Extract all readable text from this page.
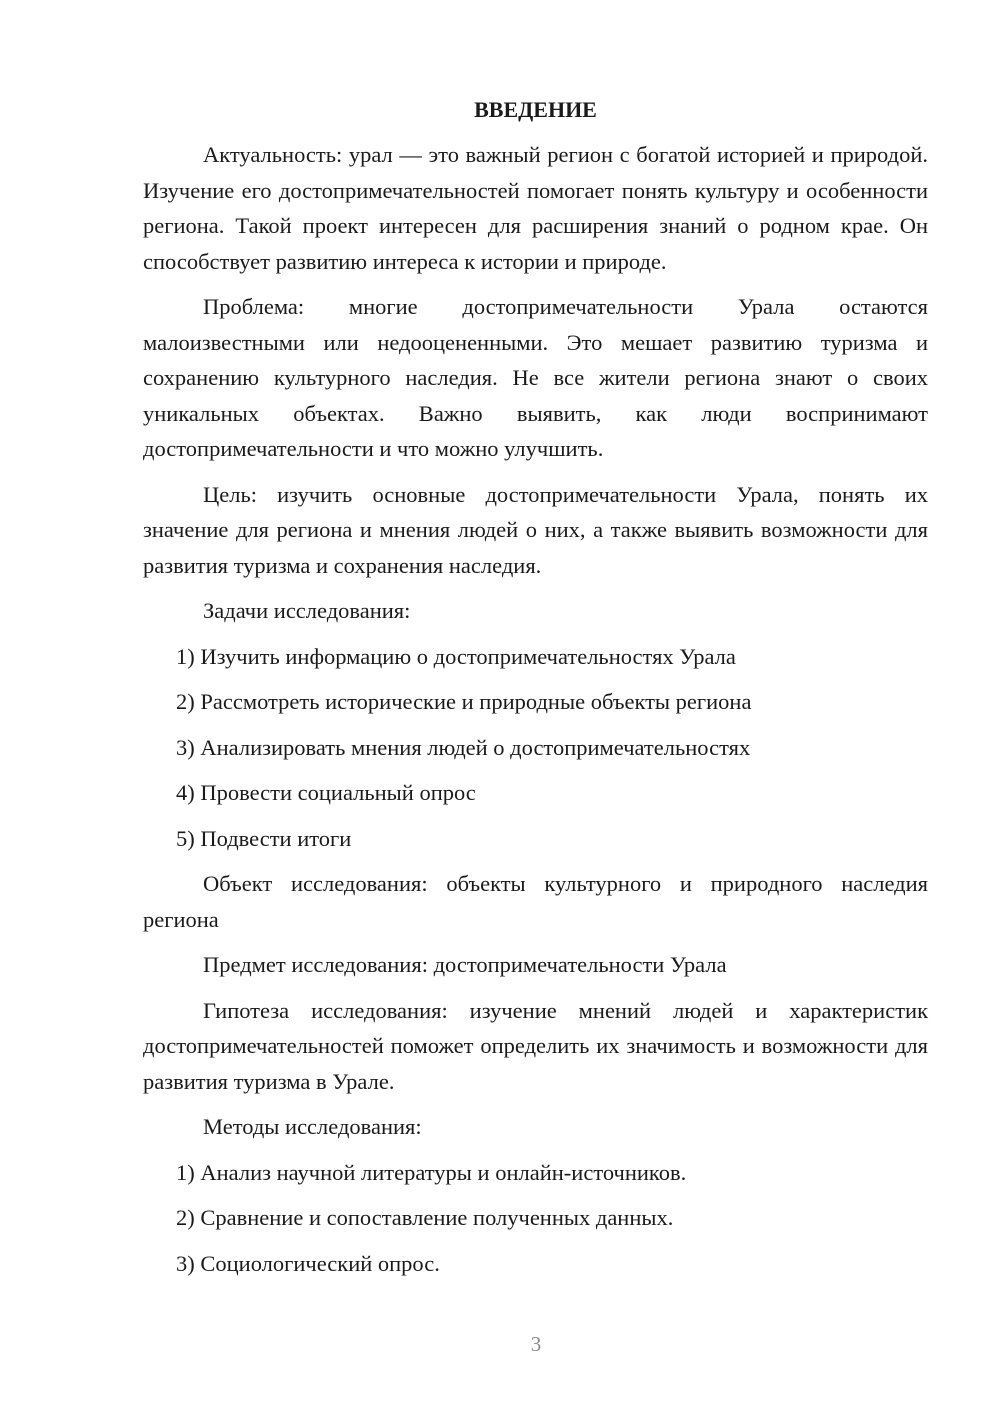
ВВЕДЕНИЕ

Актуальность: урал — это важный регион с богатой историей и природой. Изучение его достопримечательностей помогает понять культуру и особенности региона. Такой проект интересен для расширения знаний о родном крае. Он способствует развитию интереса к истории и природе.

Проблема: многие достопримечательности Урала остаются малоизвестными или недооцененными. Это мешает развитию туризма и сохранению культурного наследия. Не все жители региона знают о своих уникальных объектах. Важно выявить, как люди воспринимают достопримечательности и что можно улучшить.

Цель: изучить основные достопримечательности Урала, понять их значение для региона и мнения людей о них, а также выявить возможности для развития туризма и сохранения наследия.

Задачи исследования:

1) Изучить информацию о достопримечательностях Урала
2) Рассмотреть исторические и природные объекты региона
3) Анализировать мнения людей о достопримечательностях
4) Провести социальный опрос
5) Подвести итоги

Объект исследования: объекты культурного и природного наследия региона

Предмет исследования: достопримечательности Урала

Гипотеза исследования: изучение мнений людей и характеристик достопримечательностей поможет определить их значимость и возможности для развития туризма в Урале.

Методы исследования:

1) Анализ научной литературы и онлайн-источников.
2) Сравнение и сопоставление полученных данных.
3) Социологический опрос.
3
